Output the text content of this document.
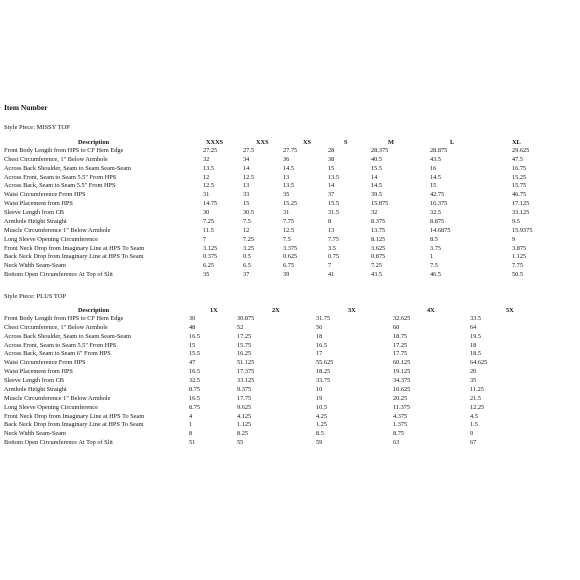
Item Number
Style Piece: MISSY TOP
Style Piece: PLUS TOP
Description	XXXS	XXS	XS	S	M	L	XL
Front Body Length from HPS to CF Hem Edge	27.25	27.5	27.75	28	28.375	28.875	29.625
Chest Circumference, 1" Below Armhole	32	34	36	38	40.5	43.5	47.5
Across Back Shoulder, Seam to Seam Seam-Seam	13.5	14	14.5	15	15.5	16	16.75
Across Front, Seam to Seam 5.5" From HPS	12	12.5	13	13.5	14	14.5	15.25
Across Back, Seam to Seam 5.5" From HPS	12.5	13	13.5	14	14.5	15	15.75
Waist Circumference From HPS	31	33	35	37	39.5	42.75	46.75
Waist Placement from HPS	14.75	15	15.25	15.5	15.875	16.375	17.125
Sleeve Length from CB	30	30.5	31	31.5	32	32.5	33.125
Armhole Height Straight	7.25	7.5	7.75	8	8.375	8.875	9.5
Muscle Circumference 1" Below Armhole	11.5	12	12.5	13	13.75	14.6875	15.9375
Long Sleeve Opening Circumference	7	7.25	7.5	7.75	8.125	8.5	9
Front Neck Drop from Imaginary Line at HPS To Seam	3.125	3.25	3.375	3.5	3.625	3.75	3.875
Back Neck Drop from Imaginary Line at HPS To Seam	0.375	0.5	0.625	0.75	0.875	1	1.125
Neck Width Seam-Seam	6.25	6.5	6.75	7	7.25	7.5	7.75
Bottom Open Circumference At Top of Slit	35	37	39	41	43.5	46.5	50.5
Description	1X	2X	3X	4X	5X
Front Body Length from HPS to CF Hem Edge	30	30.875	31.75	32.625	33.5
Chest Circumference, 1" Below Armhole	48	52	56	60	64
Across Back Shoulder, Seam to Seam Seam-Seam	16.5	17.25	18	18.75	19.5
Across Front, Seam to Seam 5.5" From HPS	15	15.75	16.5	17.25	18
Across Back, Seam to Seam 6" From HPS	15.5	16.25	17	17.75	18.5
Waist Circumference From HPS	47	51.125	55.625	60.125	64.625
Waist Placement from HPS	16.5	17.375	18.25	19.125	20
Sleeve Length from CB	32.5	33.125	33.75	34.375	35
Armhole Height Straight	8.75	9.375	10	10.625	11.25
Muscle Circumference 1" Below Armhole	16.5	17.75	19	20.25	21.5
Long Sleeve Opening Circumference	8.75	9.625	10.5	11.375	12.25
Front Neck Drop from Imaginary Line at HPS To Seam	4	4.125	4.25	4.375	4.5
Back Neck Drop from Imaginary Line at HPS To Seam	1	1.125	1.25	1.375	1.5
Neck Width Seam-Seam	8	8.25	8.5	8.75	9
Bottom Open Circumference At Top of Slit	51	55	59	63	67
